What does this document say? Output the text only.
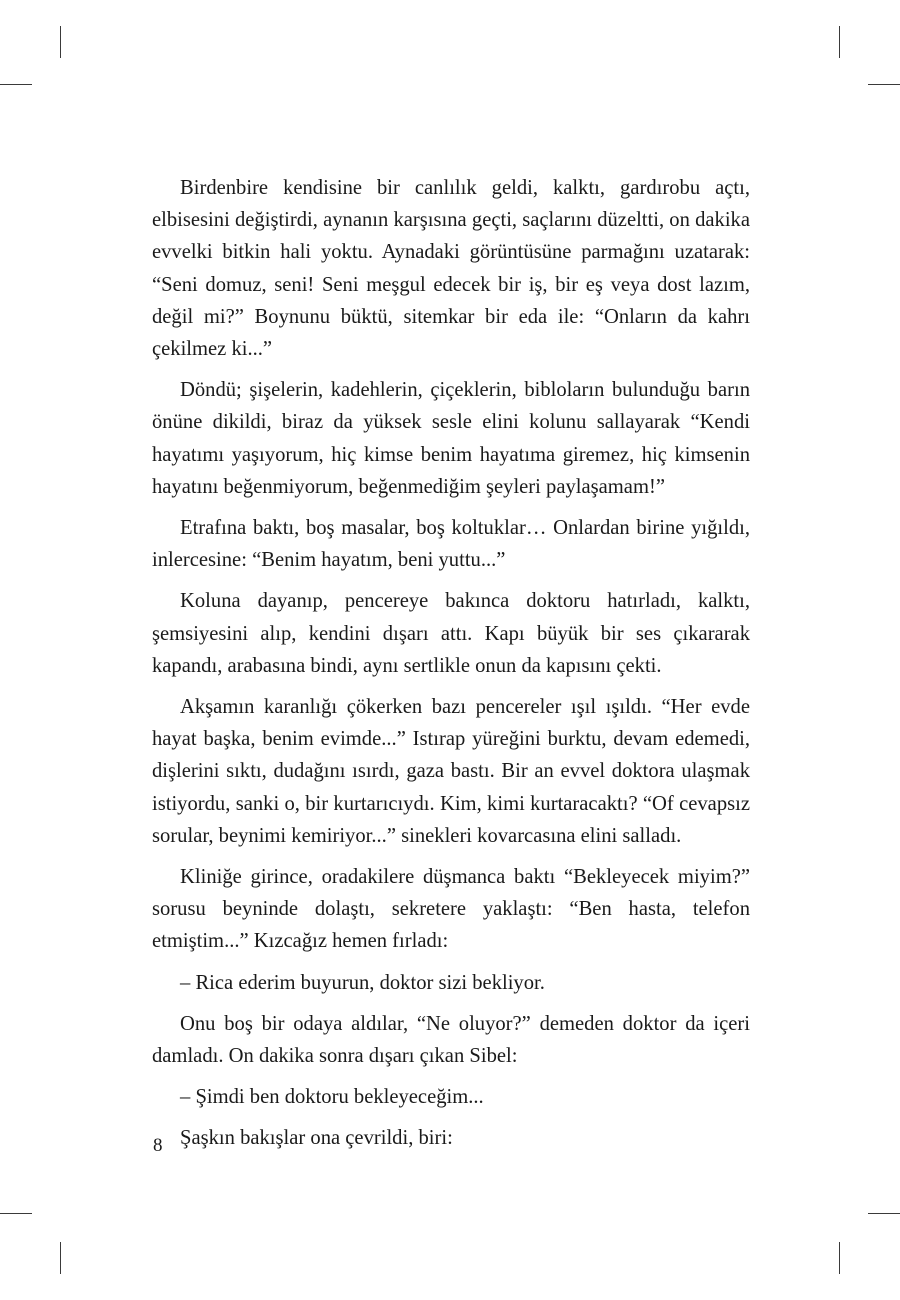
Birdenbire kendisine bir canlılık geldi, kalktı, gardırobu açtı, elbisesini değiştirdi, aynanın karşısına geçti, saçlarını düzeltti, on dakika evvelki bitkin hali yoktu. Aynadaki görüntüsüne parmağını uzatarak: “Seni domuz, seni! Seni meşgul edecek bir iş, bir eş veya dost lazım, değil mi?” Boynunu büktü, sitemkar bir eda ile: “Onların da kahrı çekilmez ki...”

Döndü; şişelerin, kadehlerin, çiçeklerin, bibloların bulunduğu barın önüne dikildi, biraz da yüksek sesle elini kolunu sallayarak “Kendi hayatımı yaşıyorum, hiç kimse benim hayatıma giremez, hiç kimsenin hayatını beğenmiyorum, beğenmediğim şeyleri paylaşamam!”

Etrafına baktı, boş masalar, boş koltuklar… Onlardan birine yığıldı, inlercesine: “Benim hayatım, beni yuttu...”

Koluna dayanıp, pencereye bakınca doktoru hatırladı, kalktı, şemsiyesini alıp, kendini dışarı attı. Kapı büyük bir ses çıkararak kapandı, arabasına bindi, aynı sertlikle onun da kapısını çekti.

Akşamın karanlığı çökerken bazı pencereler ışıl ışıldı. “Her evde hayat başka, benim evimde...” Istırap yüreğini burktu, devam edemedi, dişlerini sıktı, dudağını ısırdı, gaza bastı. Bir an evvel doktora ulaşmak istiyordu, sanki o, bir kurtarıcıydı. Kim, kimi kurtaracaktı? “Of cevapsız sorular, beynimi kemiriyor...” sinekleri kovarcasına elini salladı.

Kliniğe girince, oradakilere düşmanca baktı “Bekleyecek miyim?” sorusu beyninde dolaştı, sekretere yaklaştı: “Ben hasta, telefon etmiştim...” Kızcağız hemen fırladı:

– Rica ederim buyurun, doktor sizi bekliyor.

Onu boş bir odaya aldılar, “Ne oluyor?” demeden doktor da içeri damladı. On dakika sonra dışarı çıkan Sibel:

– Şimdi ben doktoru bekleyeceğim...

Şaşkın bakışlar ona çevrildi, biri:

8
